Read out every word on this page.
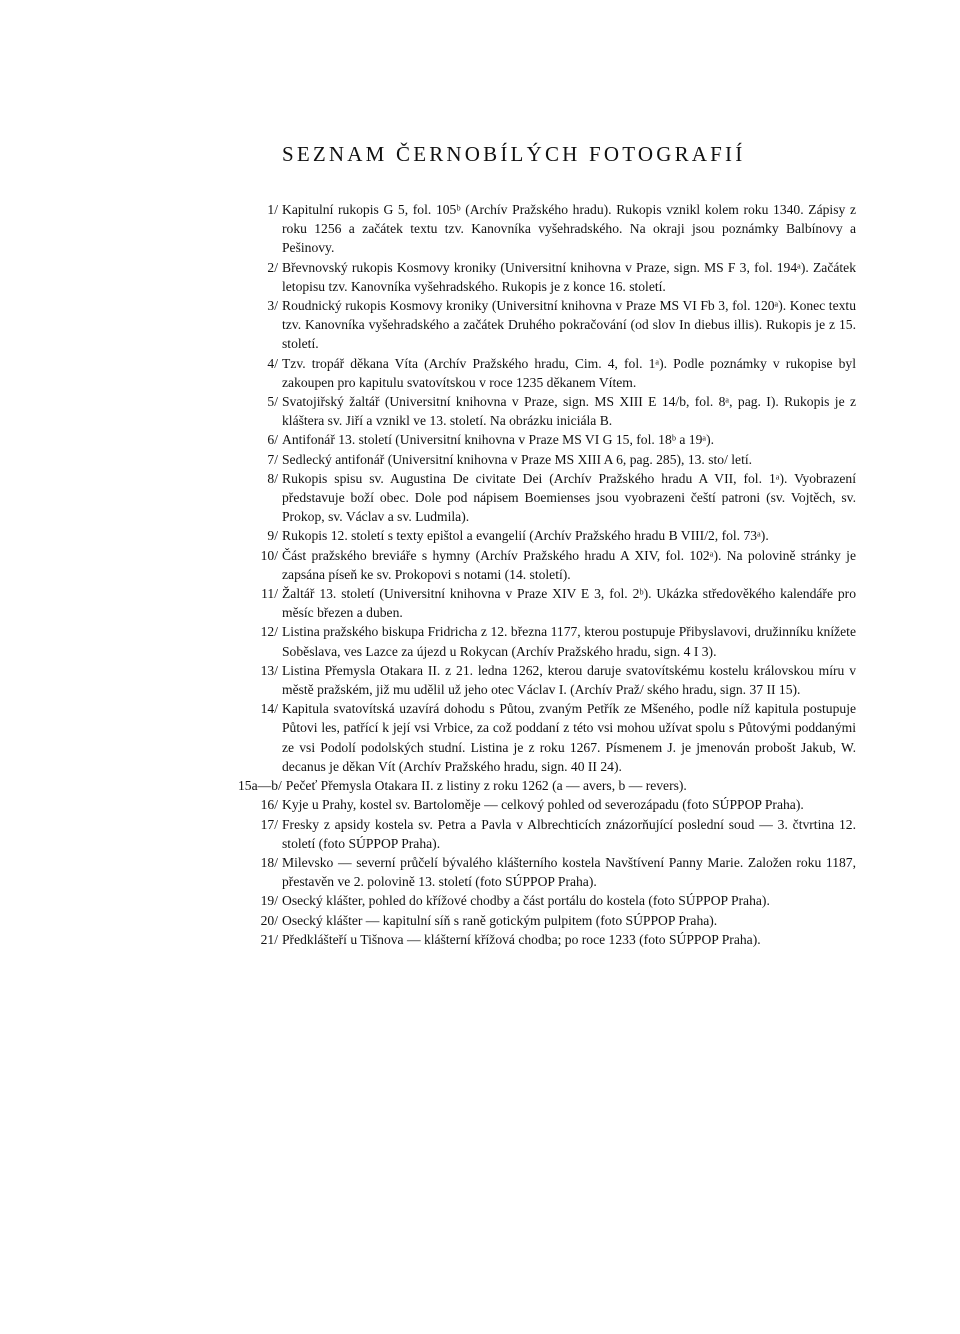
SEZNAM ČERNOBÍLÝCH FOTOGRAFIÍ
1/ Kapitulní rukopis G 5, fol. 105ᵇ (Archív Pražského hradu). Rukopis vznikl kolem roku 1340. Zápisy z roku 1256 a začátek textu tzv. Kanovníka vyšehradského. Na okraji jsou poznámky Balbínovy a Pešinovy.
2/ Břevnovský rukopis Kosmovy kroniky (Universitní knihovna v Praze, sign. MS F 3, fol. 194ᵃ). Začátek letopisu tzv. Kanovníka vyšehradského. Rukopis je z konce 16. století.
3/ Roudnický rukopis Kosmovy kroniky (Universitní knihovna v Praze MS VI Fb 3, fol. 120ᵃ). Konec textu tzv. Kanovníka vyšehradského a začátek Druhého pokračování (od slov In diebus illis). Rukopis je z 15. století.
4/ Tzv. tropář děkana Víta (Archív Pražského hradu, Cim. 4, fol. 1ᵃ). Podle poznámky v rukopise byl zakoupen pro kapitulu svatovítskou v roce 1235 děkanem Vítem.
5/ Svatojiřský žaltář (Universitní knihovna v Praze, sign. MS XIII E 14/b, fol. 8ᵃ, pag. I). Rukopis je z kláštera sv. Jiří a vznikl ve 13. století. Na obrázku iniciála B.
6/ Antifonář 13. století (Universitní knihovna v Praze MS VI G 15, fol. 18ᵇ a 19ᵃ).
7/ Sedlecký antifonář (Universitní knihovna v Praze MS XIII A 6, pag. 285), 13. sto/ letí.
8/ Rukopis spisu sv. Augustina De civitate Dei (Archív Pražského hradu A VII, fol. 1ᵃ). Vyobrazení představuje boží obec. Dole pod nápisem Boemienses jsou vyobrazeni čeští patroni (sv. Vojtěch, sv. Prokop, sv. Václav a sv. Ludmila).
9/ Rukopis 12. století s texty epištol a evangelií (Archív Pražského hradu B VIII/2, fol. 73ᵃ).
10/ Část pražského breviáře s hymny (Archív Pražského hradu A XIV, fol. 102ᵃ). Na polovině stránky je zapsána píseň ke sv. Prokopovi s notami (14. století).
11/ Žaltář 13. století (Universitní knihovna v Praze XIV E 3, fol. 2ᵇ). Ukázka středověkého kalendáře pro měsíc březen a duben.
12/ Listina pražského biskupa Fridricha z 12. března 1177, kterou postupuje Přibyslavovi, družinníku knížete Soběslava, ves Lazce za újezd u Rokycan (Archív Pražského hradu, sign. 4 I 3).
13/ Listina Přemysla Otakara II. z 21. ledna 1262, kterou daruje svatovítskému kostelu královskou míru v městě pražském, již mu udělil už jeho otec Václav I. (Archív Praž/ ského hradu, sign. 37 II 15).
14/ Kapitula svatovítská uzavírá dohodu s Půtou, zvaným Petřík ze Mšeného, podle níž kapitula postupuje Půtovi les, patřící k její vsi Vrbice, za což poddaní z této vsi mohou užívat spolu s Půtovými poddanými ze vsi Podolí podolských studní. Listina je z roku 1267. Písmenem J. je jmenován probošt Jakub, W. decanus je děkan Vít (Archív Pražského hradu, sign. 40 II 24).
15a—b/ Pečeť Přemysla Otakara II. z listiny z roku 1262 (a — avers, b — revers).
16/ Kyje u Prahy, kostel sv. Bartoloměje — celkový pohled od severozápadu (foto SÚPPOP Praha).
17/ Fresky z apsidy kostela sv. Petra a Pavla v Albrechticích znázorňující poslední soud — 3. čtvrtina 12. století (foto SÚPPOP Praha).
18/ Milevsko — severní průčelí bývalého klášterního kostela Navštívení Panny Marie. Založen roku 1187, přestavěn ve 2. polovině 13. století (foto SÚPPOP Praha).
19/ Osecký klášter, pohled do křížové chodby a část portálu do kostela (foto SÚPPOP Praha).
20/ Osecký klášter — kapitulní síň s raně gotickým pulpitem (foto SÚPPOP Praha).
21/ Předklášteří u Tišnova — klášterní křížová chodba; po roce 1233 (foto SÚPPOP Praha).
